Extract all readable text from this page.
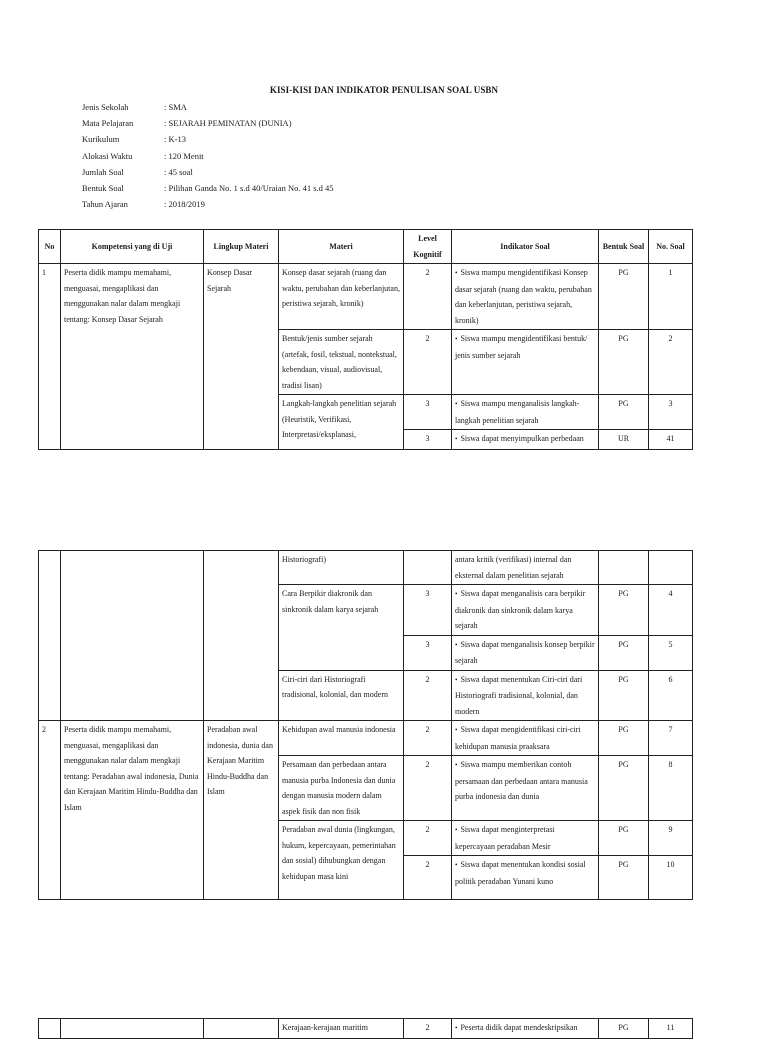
KISI-KISI DAN INDIKATOR PENULISAN SOAL USBN
Jenis Sekolah	: SMA
Mata Pelajaran	: SEJARAH PEMINATAN (DUNIA)
Kurikulum	: K-13
Alokasi Waktu	: 120 Menit
Jumlah Soal	: 45 soal
Bentuk Soal	: Pilihan Ganda No. 1 s.d 40/Uraian No. 41 s.d 45
Tahun Ajaran	: 2018/2019
No	Kompetensi yang di Uji	Lingkup Materi	Materi	Level Kognitif	Indikator Soal	Bentuk Soal	No. Soal
1	Peserta didik mampu memahami, menguasai, mengaplikasi dan menggunakan nalar dalam mengkaji tentang: Konsep Dasar Sejarah	Konsep Dasar Sejarah	Konsep dasar sejarah (ruang dan waktu, perubahan dan keberlanjutan, peristiwa sejarah, kronik)	2	•Siswa mampu mengidentifikasi Konsep dasar sejarah (ruang dan waktu, perubahan dan keberlanjutan, peristiwa sejarah, kronik)	PG	1
			Bentuk/jenis sumber sejarah (artefak, fosil, tekstual, nontekstual, kebendaan, visual, audiovisual, tradisi lisan)	2	•Siswa mampu mengidentifikasi bentuk/ jenis sumber sejarah	PG	2
			Langkah-langkah penelitian sejarah (Heuristik, Verifikasi, Interpretasi/eksplanasi,	3	•Siswa mampu menganalisis langkah-langkah penelitian sejarah	PG	3
				3	•Siswa dapat menyimpulkan perbedaan	UR	41
			Historiografi)		antara kritik (verifikasi) internal dan eksternal dalam penelitian sejarah		
			Cara Berpikir diakronik dan sinkronik dalam karya sejarah	3	•Siswa dapat menganalisis cara berpikir diakronik dan sinkronik dalam karya sejarah	PG	4
				3	•Siswa dapat menganalisis konsep berpikir sejarah	PG	5
			Ciri-ciri dari Historiografi tradisional, kolonial, dan modern	2	•Siswa dapat menentukan Ciri-ciri dari Historiografi tradisional, kolonial, dan modern	PG	6
2	Peserta didik mampu memahami, menguasai, mengaplikasi dan menggunakan nalar dalam mengkaji tentang: Peradaban awal indonesia, Dunia dan Kerajaan Maritim Hindu-Buddha dan Islam	Peradaban awal indonesia, dunia dan Kerajaan Maritim Hindu-Buddha dan Islam	Kehidupan awal manusia indonesia	2	•Siswa dapat mengidentifikasi ciri-ciri kehidupan manusia praaksara	PG	7
			Persamaan dan perbedaan antara manusia purba Indonesia dan dunia dengan manusia modern dalam aspek fisik dan non fisik	2	•Siswa mampu memberikan contoh persamaan dan perbedaan antara manusia purba indonesia dan dunia	PG	8
			Peradaban awal dunia (lingkungan, hukum, kepercayaan, pemerintahan dan sosial) dihubungkan dengan kehidupan masa kini	2	•Siswa dapat menginterpretasi kepercayaan peradaban Mesir	PG	9
				2	•Siswa dapat menentukan kondisi sosial politik peradaban Yunani kuno	PG	10
			Kerajaan-kerajaan maritim	2	•Peserta didik dapat mendeskripsikan	PG	11
